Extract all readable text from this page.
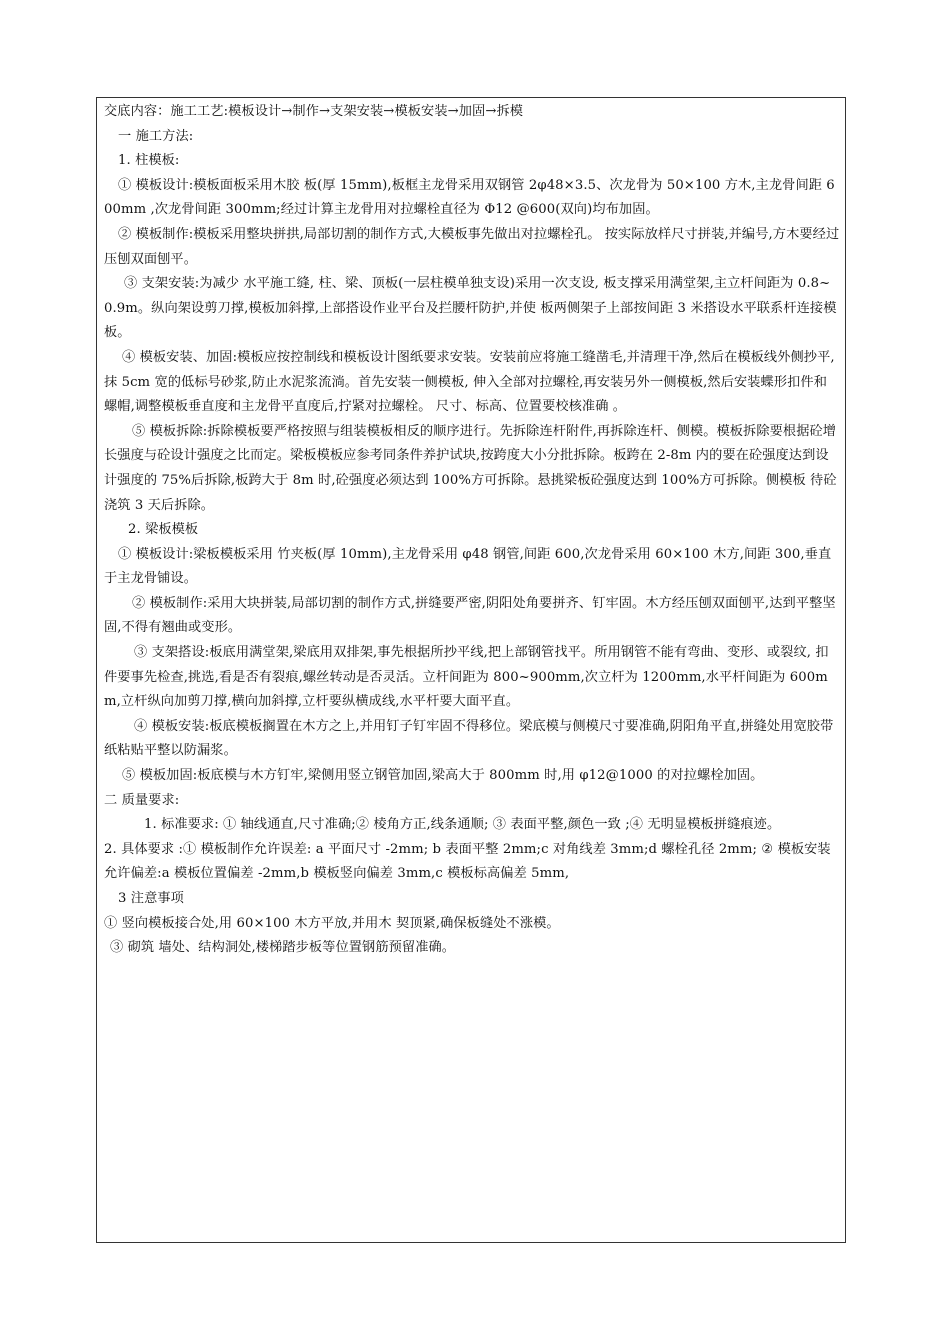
交底内容：施工工艺:模板设计→制作→支架安装→模板安装→加固→拆模

一 施工方法:

1. 柱模板:

① 模板设计:模板面板采用木胶 板(厚 15mm),板框主龙骨采用双钢管 2φ48×3.5、次龙骨为 50×100 方木,主龙骨间距 600mm ,次龙骨间距 300mm;经过计算主龙骨用对拉螺栓直径为 Φ12 @600(双向)均布加固。

② 模板制作:模板采用整块拼拱,局部切割的制作方式,大模板事先做出对拉螺栓孔。 按实际放样尺寸拼装,并编号,方木要经过压刨双面刨平。

③ 支架安装:为减少 水平施工缝, 柱、梁、顶板(一层柱模单独支设)采用一次支设, 板支撑采用满堂架,主立杆间距为 0.8~0.9m。纵向架设剪刀撑,模板加斜撑,上部搭设作业平台及拦腰杆防护,并使 板两侧架子上部按间距 3 米搭设水平联系杆连接模板。

④ 模板安装、加固:模板应按控制线和模板设计图纸要求安装。安装前应将施工缝凿毛,并清理干净,然后在模板线外侧抄平,抹 5cm 宽的低标号砂浆,防止水泥浆流淌。首先安装一侧模板, 伸入全部对拉螺栓,再安装另外一侧模板,然后安装蝶形扣件和螺帽,调整模板垂直度和主龙骨平直度后,拧紧对拉螺栓。 尺寸、标高、位置要校核准确 。

⑤ 模板拆除:拆除模板要严格按照与组装模板相反的顺序进行。先拆除连杆附件,再拆除连杆、侧模。模板拆除要根据砼增长强度与砼设计强度之比而定。梁板模板应参考同条件养护试块,按跨度大小分批拆除。板跨在 2-8m 内的要在砼强度达到设计强度的 75%后拆除,板跨大于 8m 时,砼强度必须达到 100%方可拆除。悬挑梁板砼强度达到 100%方可拆除。侧模板 待砼浇筑 3 天后拆除。

2. 梁板模板

① 模板设计:梁板模板采用 竹夹板(厚 10mm),主龙骨采用 φ48 钢管,间距 600,次龙骨采用 60×100 木方,间距 300,垂直于主龙骨铺设。

② 模板制作:采用大块拼装,局部切割的制作方式,拼缝要严密,阴阳处角要拼齐、钉牢固。木方经压刨双面刨平,达到平整坚固,不得有翘曲或变形。

③ 支架搭设:板底用满堂架,梁底用双排架,事先根据所抄平线,把上部钢管找平。所用钢管不能有弯曲、变形、或裂纹, 扣件要事先检查,挑选,看是否有裂痕,螺丝转动是否灵活。立杆间距为 800~900mm,次立杆为 1200mm,水平杆间距为 600mm,立杆纵向加剪刀撑,横向加斜撑,立杆要纵横成线,水平杆要大面平直。

④ 模板安装:板底模板搁置在木方之上,并用钉子钉牢固不得移位。梁底模与侧模尺寸要准确,阴阳角平直,拼缝处用宽胶带纸粘贴平整以防漏浆。

⑤ 模板加固:板底模与木方钉牢,梁侧用竖立钢管加固,梁高大于 800mm 时,用 φ12@1000 的对拉螺栓加固。

二 质量要求:

1. 标准要求: ① 轴线通直,尺寸准确;② 棱角方正,线条通顺; ③ 表面平整,颜色一致 ;④ 无明显模板拼缝痕迹。

2. 具体要求 :① 模板制作允许误差: a 平面尺寸 -2mm; b 表面平整 2mm;c 对角线差 3mm;d 螺栓孔径 2mm; ② 模板安装允许偏差:a 模板位置偏差 -2mm,b 模板竖向偏差 3mm,c 模板标高偏差 5mm,

3 注意事项

① 竖向模板接合处,用 60×100 木方平放,并用木 契顶紧,确保板缝处不涨模。

③ 砌筑 墙处、结构洞处,楼梯踏步板等位置钢筋预留准确。
